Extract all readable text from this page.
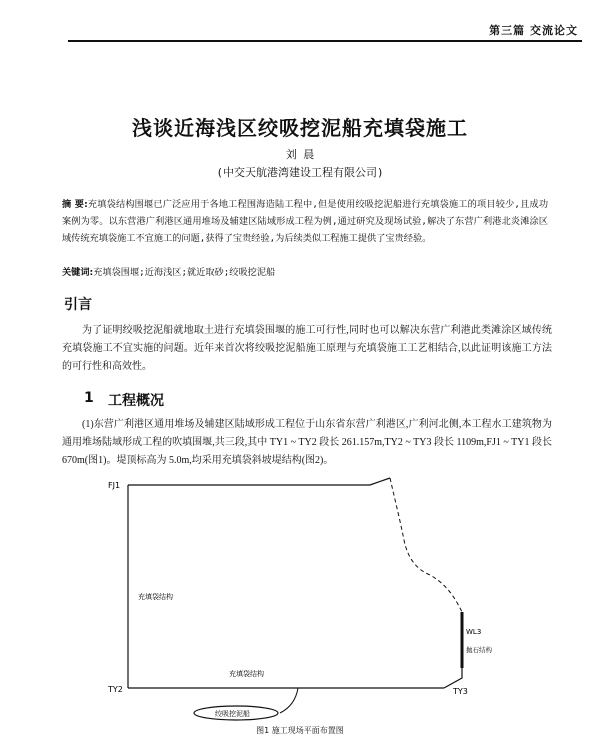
第三篇 交流论文
浅谈近海浅区绞吸挖泥船充填袋施工
刘 晨
(中交天航港湾建设工程有限公司)
摘 要:充填袋结构围堰已广泛应用于各地工程围海造陆工程中,但是使用绞吸挖泥船进行充填袋施工的项目较少,且成功案例为零。以东营港广利港区通用堆场及辅建区陆域形成工程为例,通过研究及现场试验,解决了东营广利港北炎滩涂区域传统充填袋施工不宜施工的问题,获得了宝贵经验,为后续类似工程施工提供了宝贵经验。
关键词:充填袋围堰;近海浅区;就近取砂;绞吸挖泥船
引言
为了证明绞吸挖泥船就地取土进行充填袋围堰的施工可行性,同时也可以解决东营广利港此类滩涂区域传统充填袋施工不宜实施的问题。近年来首次将绞吸挖泥船施工原理与充填袋施工工艺相结合,以此证明该施工方法的可行性和高效性。
1 工程概况
(1)东营广利港区通用堆场及辅建区陆域形成工程位于山东省东营广利港区,广利河北侧,本工程水工建筑物为通用堆场陆域形成工程的吹填围堰,共三段,其中 TY1 ~ TY2 段长 261.157m,TY2 ~ TY3 段长 1109m,FJ1 ~ TY1 段长 670m(图1)。堤顶标高为 5.0m,均采用充填袋斜坡堤结构(图2)。
FJ1
TY2	TY3
WL3
充填袋结构
充填袋结构
抛石结构
绞吸挖泥船
图1 施工现场平面布置图
